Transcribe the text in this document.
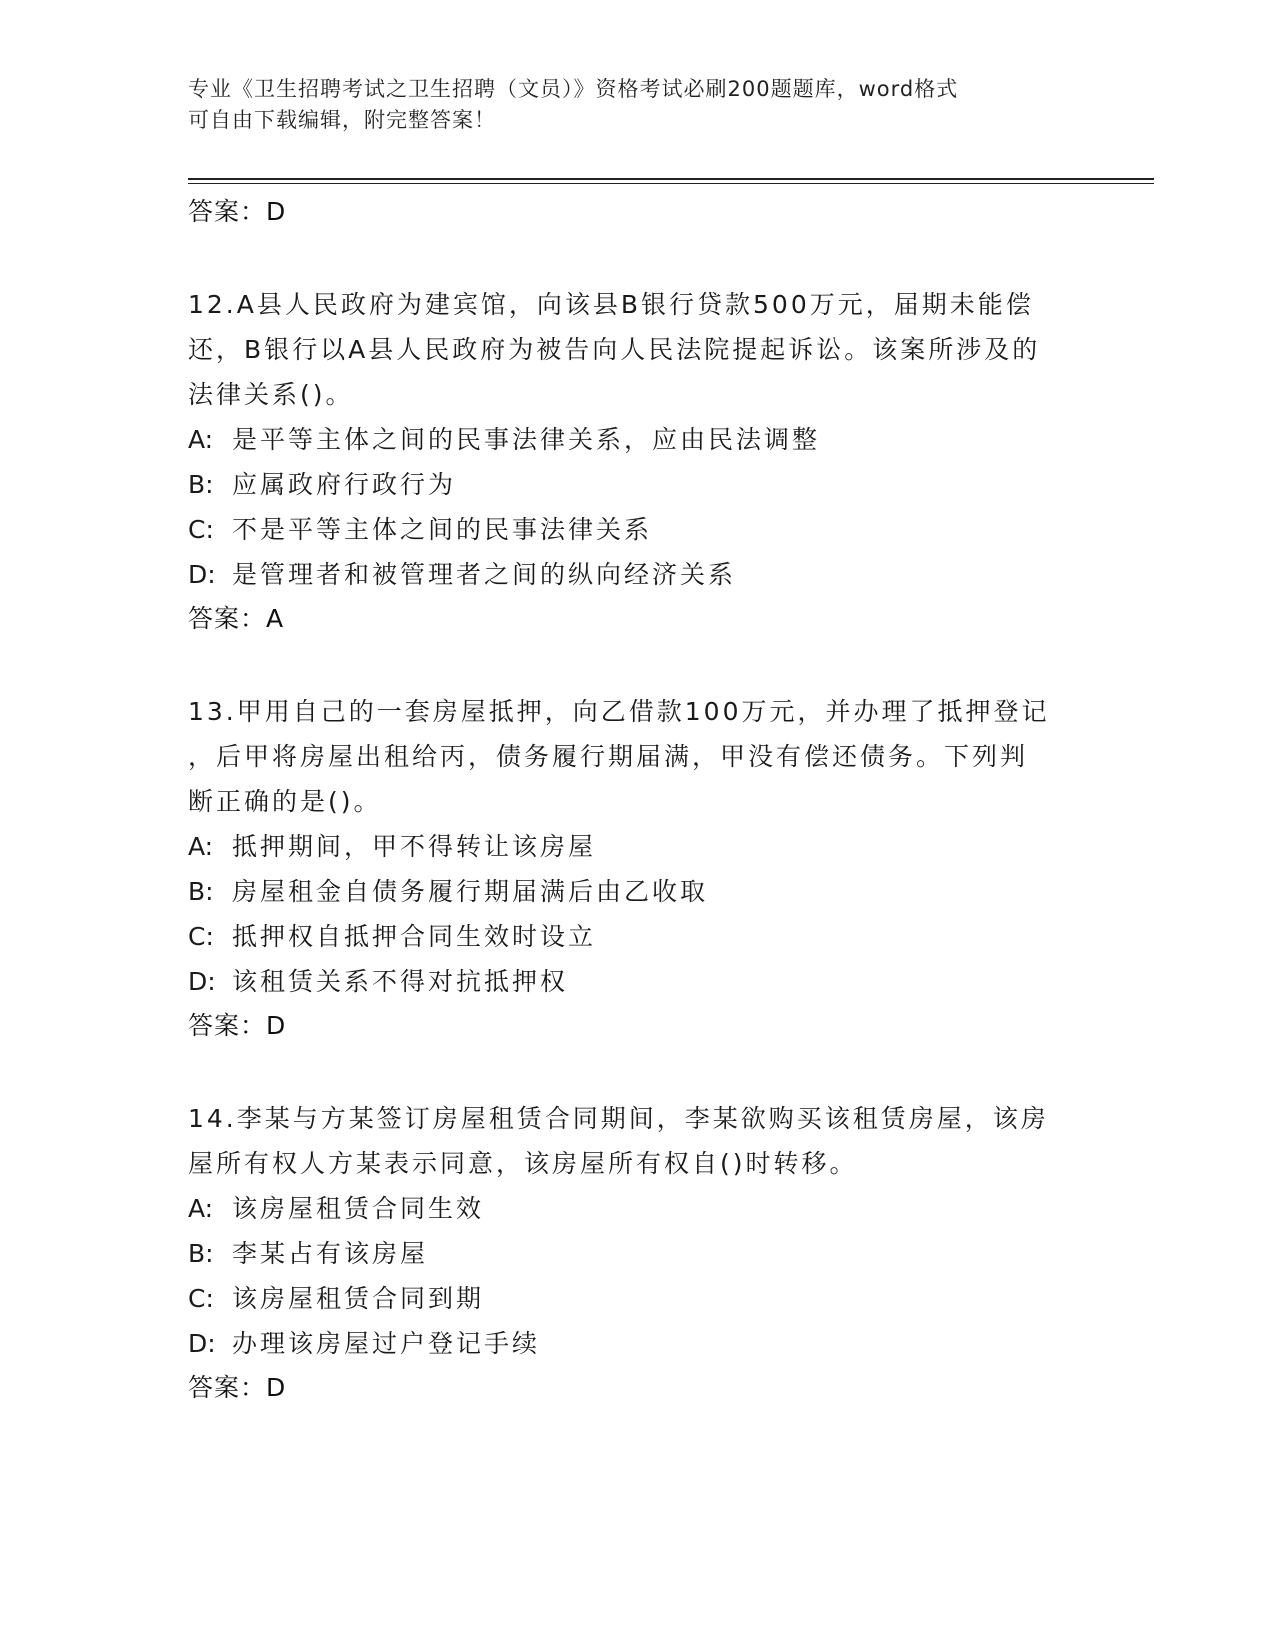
专业《卫生招聘考试之卫生招聘（文员）》资格考试必刷200题题库，word格式
可自由下载编辑，附完整答案！

答案：D

12.A县人民政府为建宾馆，向该县B银行贷款500万元，届期未能偿

还，B银行以A县人民政府为被告向人民法院提起诉讼。该案所涉及的

法律关系()。

A: 是平等主体之间的民事法律关系，应由民法调整

B: 应属政府行政行为

C: 不是平等主体之间的民事法律关系

D: 是管理者和被管理者之间的纵向经济关系

答案：A

13.甲用自己的一套房屋抵押，向乙借款100万元，并办理了抵押登记

，后甲将房屋出租给丙，债务履行期届满，甲没有偿还债务。下列判

断正确的是()。

A: 抵押期间，甲不得转让该房屋

B: 房屋租金自债务履行期届满后由乙收取

C: 抵押权自抵押合同生效时设立

D: 该租赁关系不得对抗抵押权

答案：D

14.李某与方某签订房屋租赁合同期间，李某欲购买该租赁房屋，该房

屋所有权人方某表示同意，该房屋所有权自()时转移。

A: 该房屋租赁合同生效

B: 李某占有该房屋

C: 该房屋租赁合同到期

D: 办理该房屋过户登记手续

答案：D
